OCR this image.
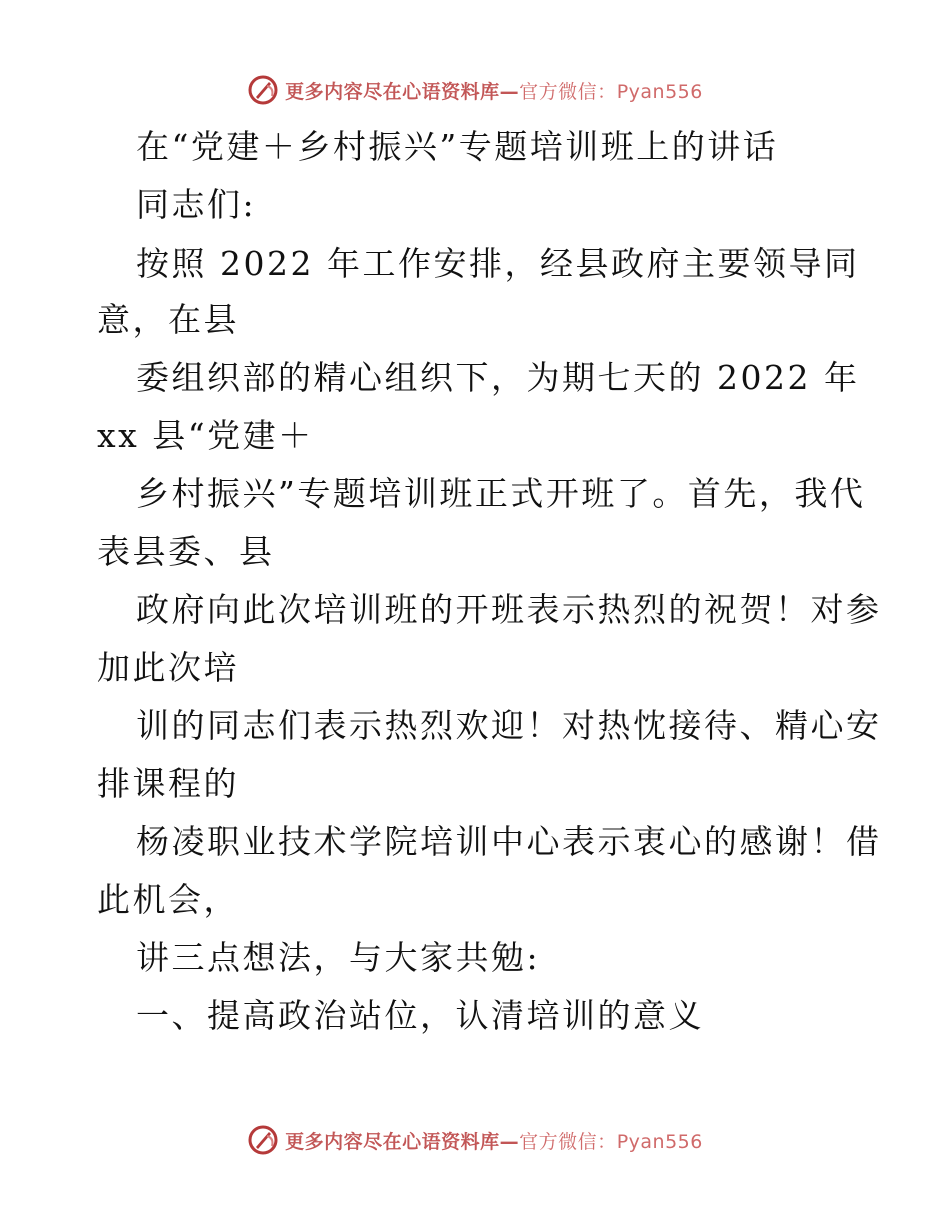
更多内容尽在心语资料库—官方微信：Pyan556
在“党建＋乡村振兴”专题培训班上的讲话
同志们:
按照 2022 年工作安排，经县政府主要领导同
意，在县
委组织部的精心组织下，为期七天的 2022 年
xx 县“党建＋
乡村振兴”专题培训班正式开班了。首先，我代
表县委、县
政府向此次培训班的开班表示热烈的祝贺！对参
加此次培
训的同志们表示热烈欢迎！对热忱接待、精心安
排课程的
杨凌职业技术学院培训中心表示衷心的感谢！借
此机会，
讲三点想法，与大家共勉:
一、提高政治站位，认清培训的意义
更多内容尽在心语资料库—官方微信：Pyan556
